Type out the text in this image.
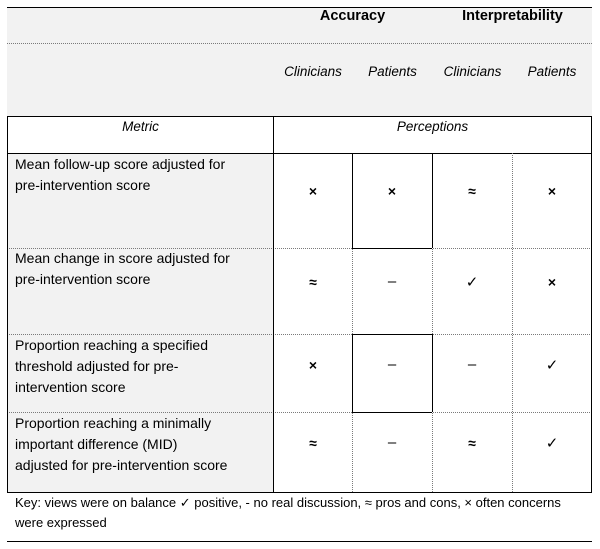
Accuracy	Interpretability
Clinicians	Patients	Clinicians	Patients
Metric	Perceptions
Mean follow-up score adjusted for
pre-intervention score	×	×	≈	×
Mean change in score adjusted for
pre-intervention score	≈	–	✓	×
Proportion reaching a specified
threshold adjusted for pre-
intervention score
×	–	–	✓
Proportion reaching a minimally
important difference (MID)
adjusted for pre-intervention score
≈	–	≈	✓
Key: views were on balance ✓ positive, - no real discussion, ≈ pros and cons, × often concerns
were expressed
